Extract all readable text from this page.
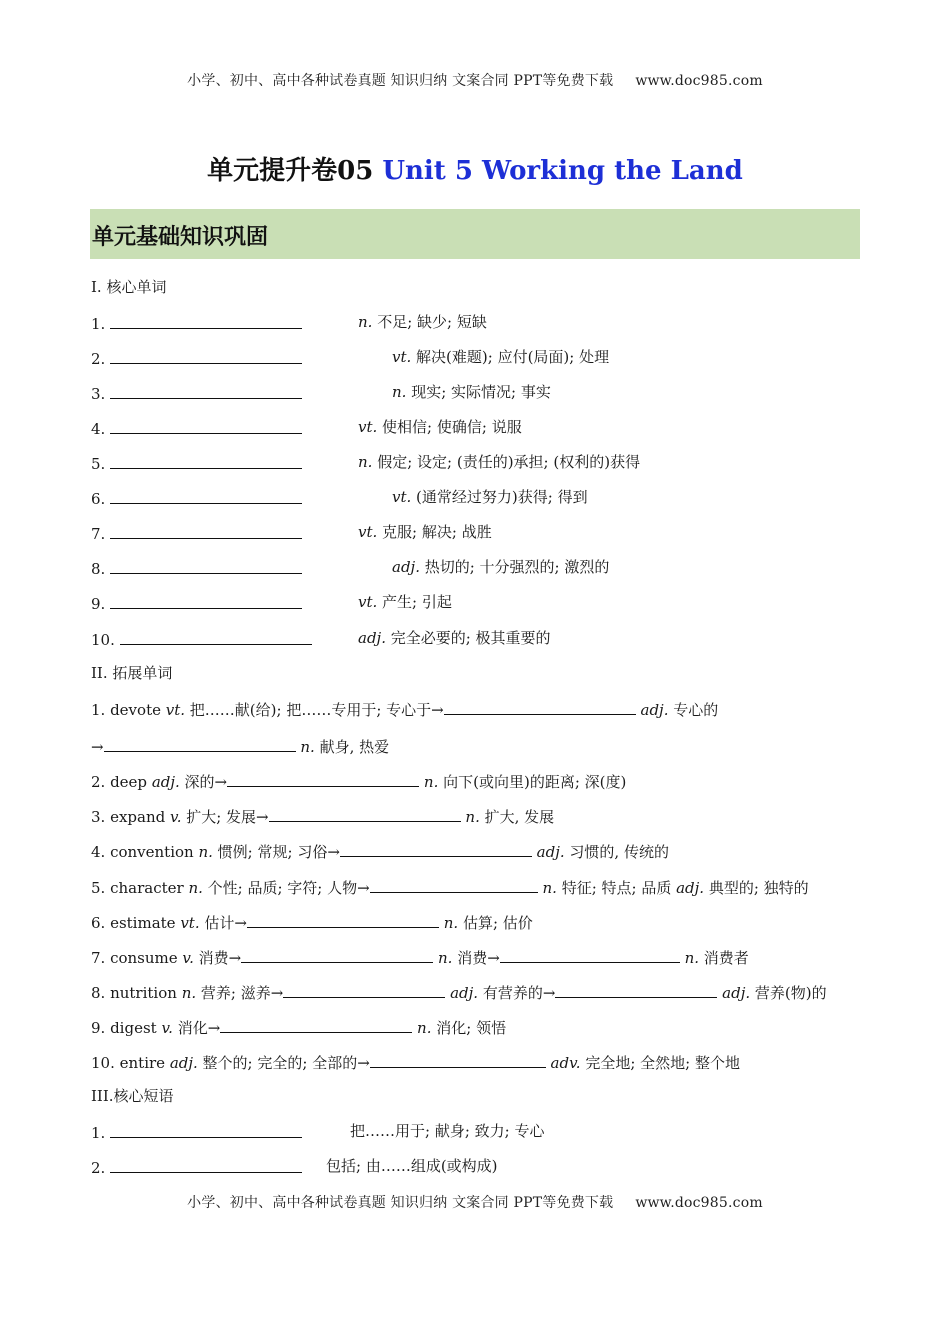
小学、初中、高中各种试卷真题 知识归纳 文案合同 PPT等免费下载 www.doc985.com
单元提升卷05 Unit 5 Working the Land
单元基础知识巩固
I. 核心单词
1.	n. 不足; 缺少; 短缺
2.	vt. 解决(难题); 应付(局面); 处理
3.	n. 现实; 实际情况; 事实
4.	vt. 使相信; 使确信; 说服
5.	n. 假定; 设定; (责任的)承担; (权利的)获得
6.	vt. (通常经过努力)获得; 得到
7.	vt. 克服; 解决; 战胜
8.	adj. 热切的; 十分强烈的; 激烈的
9.	vt. 产生; 引起
10.	adj. 完全必要的; 极其重要的
II. 拓展单词
1. devote vt. 把……献(给); 把……专用于; 专心于→	adj. 专心的
→	n. 献身, 热爱
2. deep adj. 深的→	n. 向下(或向里)的距离; 深(度)
3. expand v. 扩大; 发展→	n. 扩大, 发展
4. convention n. 惯例; 常规; 习俗→	adj. 习惯的, 传统的
5. character n. 个性; 品质; 字符; 人物→	n. 特征; 特点; 品质 adj. 典型的; 独特的
6. estimate vt. 估计→	n. 估算; 估价
7. consume v. 消费→	n. 消费→	n. 消费者
8. nutrition n. 营养; 滋养→	adj. 有营养的→	adj. 营养(物)的
9. digest v. 消化→	n. 消化; 领悟
10. entire adj. 整个的; 完全的; 全部的→	adv. 完全地; 全然地; 整个地
III.核心短语
1.	把……用于; 献身; 致力; 专心
2.	包括; 由……组成(或构成)
小学、初中、高中各种试卷真题 知识归纳 文案合同 PPT等免费下载 www.doc985.com
